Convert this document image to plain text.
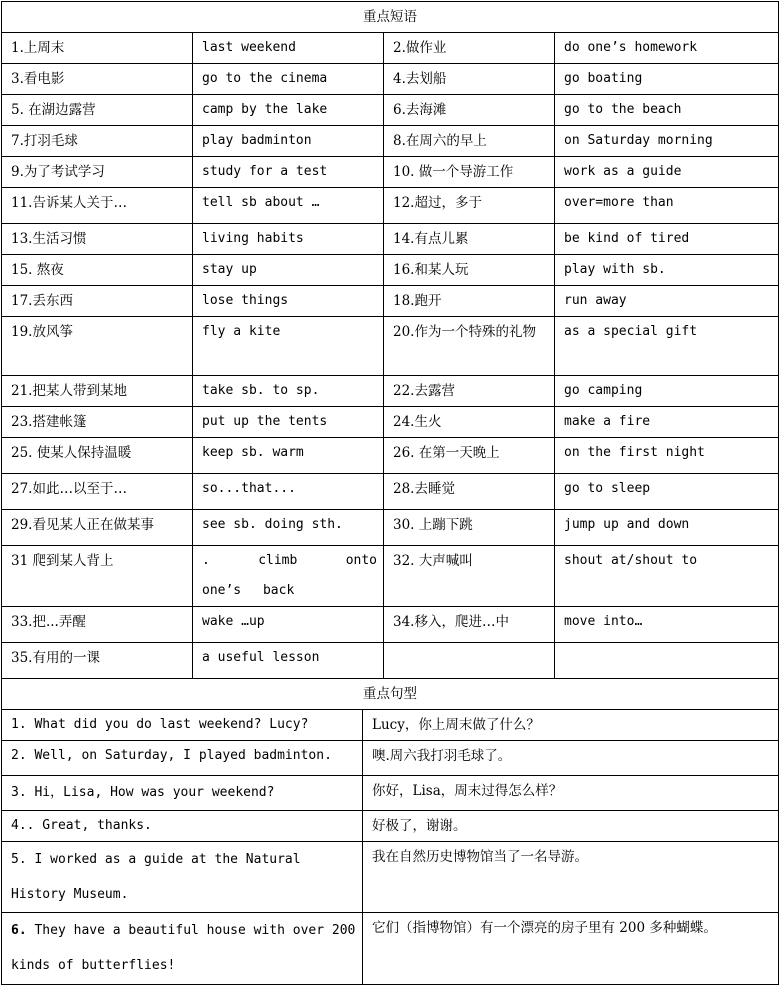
重点短语			
1.上周末	last weekend	2.做作业	do one’s homework
3.看电影	go to the cinema	4.去划船	go boating
5. 在湖边露营	camp by the lake	6.去海滩	go to the beach
7.打羽毛球	play badminton	8.在周六的早上	on Saturday morning
9.为了考试学习	study for a test	10. 做一个导游工作	work as a guide
11.告诉某人关于…	tell sb about …	12.超过，多于	over=more than
13.生活习惯	living habits	14.有点儿累	be kind of tired
15. 熬夜	stay up	16.和某人玩	play with sb.
17.丢东西	lose things	18.跑开	run away
19.放风筝	fly a kite	20.作为一个特殊的礼物	as a special gift
21.把某人带到某地	take sb. to sp.	22.去露营	go camping
23.搭建帐篷	put up the tents	24.生火	make a fire
25. 使某人保持温暖	keep sb. warm	26. 在第一天晚上	on the first night
27.如此…以至于…	so...that...	28.去睡觉	go to sleep
29.看见某人正在做某事	see sb. doing sth.	30. 上蹦下跳	jump up and down
31 爬到某人背上	. climb onto one’s back	32. 大声喊叫	shout at/shout to
33.把...弄醒	wake …up	34.移入，爬进…中	move into…
35.有用的一课	a useful lesson		
重点句型	
1. What did you do last weekend? Lucy?	Lucy，你上周末做了什么？
2. Well, on Saturday, I played badminton.	噢.周六我打羽毛球了。
3. Hi，Lisa, How was your weekend?	你好，Lisa，周末过得怎么样？
4.. Great, thanks.	好极了，谢谢。
5. I worked as a guide at the Natural History Museum.	我在自然历史博物馆当了一名导游。
6. They have a beautiful house with over 200 kinds of butterflies!	它们（指博物馆）有一个漂亮的房子里有 200 多种蝴蝶。
